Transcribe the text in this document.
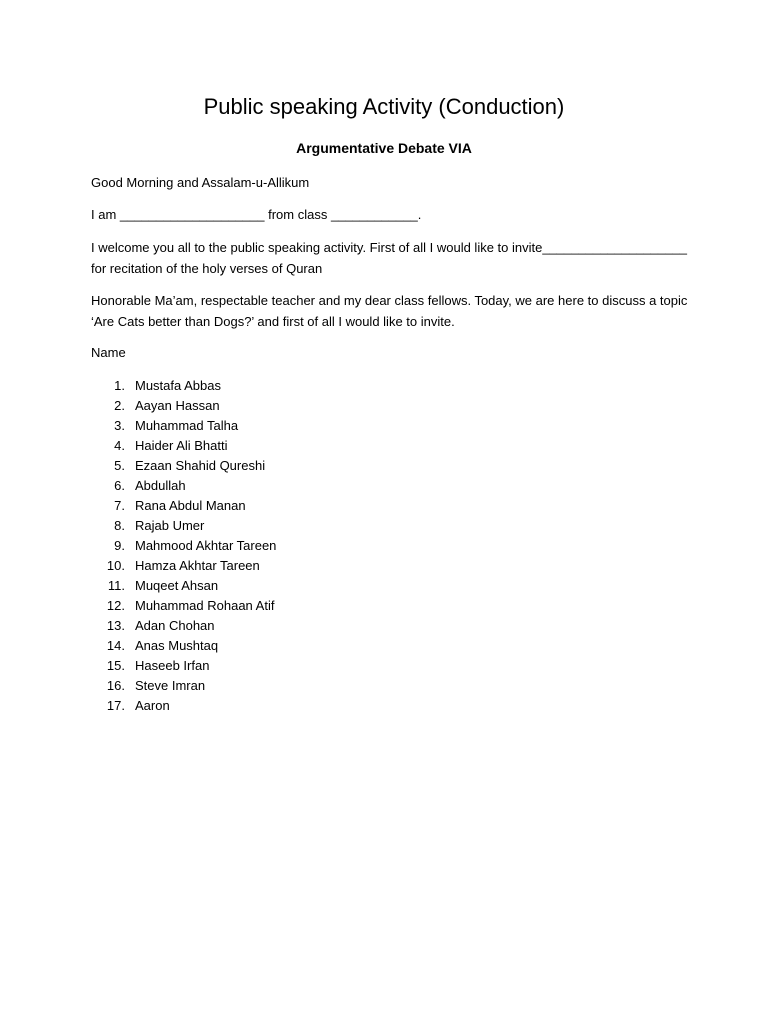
Public speaking Activity (Conduction)
Argumentative Debate VIA

Good Morning and Assalam-u-Allikum

I am ____________________ from class ____________.

I welcome you all to the public speaking activity. First of all I would like to invite____________________
for recitation of the holy verses of Quran

Honorable Ma’am, respectable teacher and my dear class fellows. Today, we are here to discuss a topic
‘Are Cats better than Dogs?’ and first of all I would like to invite.

Name

1. Mustafa Abbas
2. Aayan Hassan
3. Muhammad Talha
4. Haider Ali Bhatti
5. Ezaan Shahid Qureshi
6. Abdullah
7. Rana Abdul Manan
8. Rajab Umer
9. Mahmood Akhtar Tareen
10. Hamza Akhtar Tareen
11. Muqeet Ahsan
12. Muhammad Rohaan Atif
13. Adan Chohan
14. Anas Mushtaq
15. Haseeb Irfan
16. Steve Imran
17. Aaron
